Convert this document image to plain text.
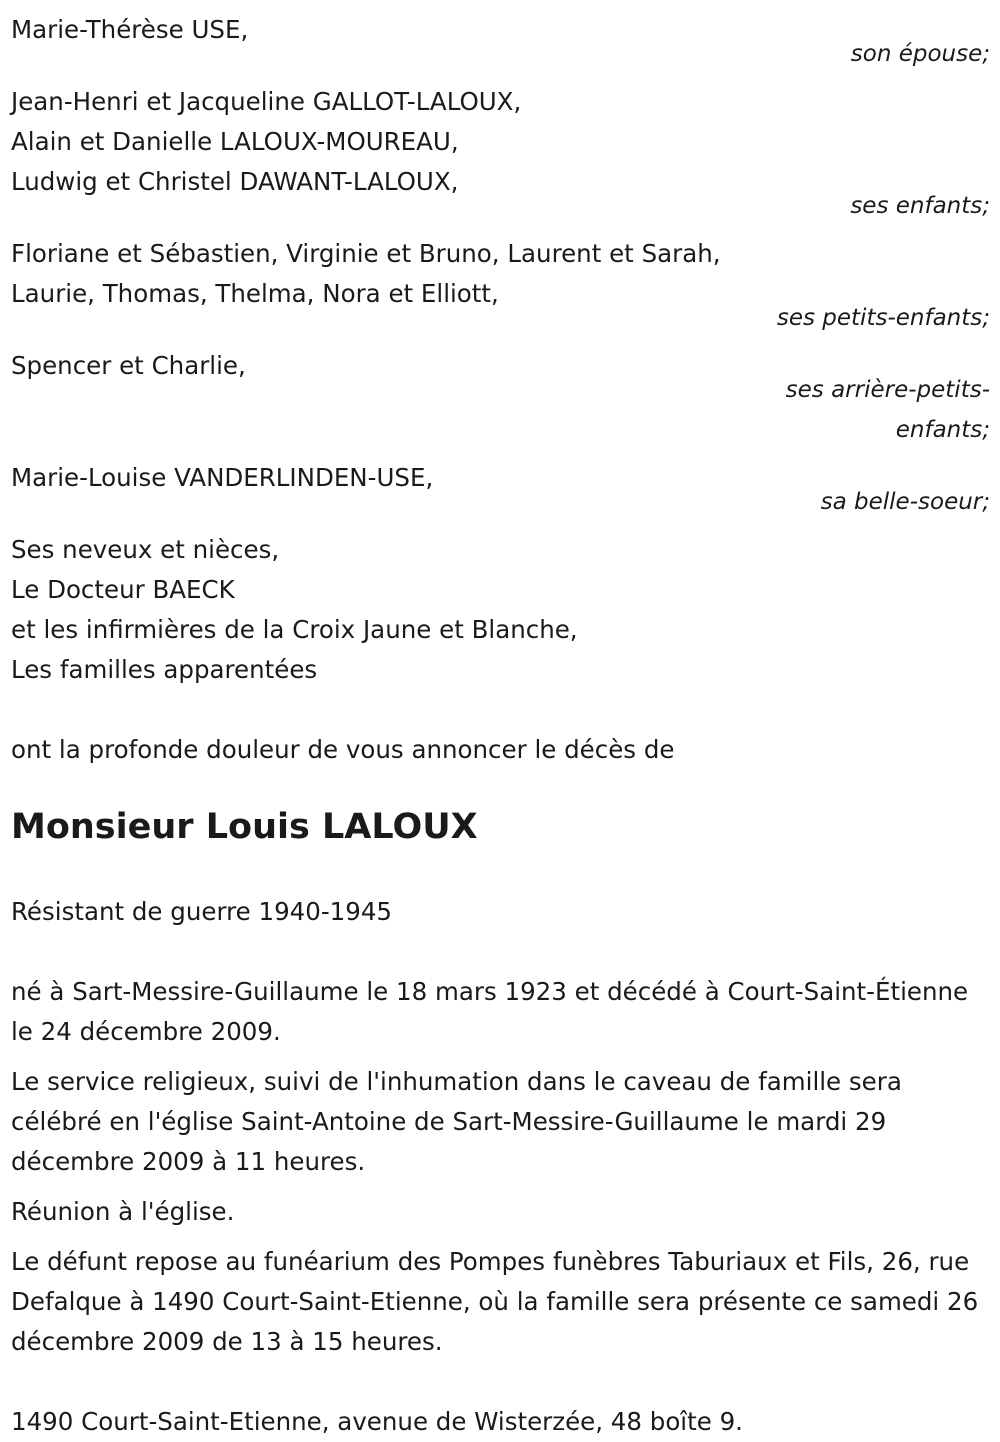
Marie-Thérèse USE,
son épouse;
Jean-Henri et Jacqueline GALLOT-LALOUX,
Alain et Danielle LALOUX-MOUREAU,
Ludwig et Christel DAWANT-LALOUX,
ses enfants;
Floriane et Sébastien, Virginie et Bruno, Laurent et Sarah,
Laurie, Thomas, Thelma, Nora et Elliott,
ses petits-enfants;
Spencer et Charlie,
ses arrière-petits-
enfants;
Marie-Louise VANDERLINDEN-USE,
sa belle-soeur;
Ses neveux et nièces,
Le Docteur BAECK
et les infirmières de la Croix Jaune et Blanche,
Les familles apparentées
ont la profonde douleur de vous annoncer le décès de
Monsieur Louis LALOUX
Résistant de guerre 1940-1945

né à Sart-Messire-Guillaume le 18 mars 1923 et décédé à Court-Saint-Étienne le 24 décembre 2009.

Le service religieux, suivi de l'inhumation dans le caveau de famille sera célébré en l'église Saint-Antoine de Sart-Messire-Guillaume le mardi 29 décembre 2009 à 11 heures.

Réunion à l'église.

Le défunt repose au funéarium des Pompes funèbres Taburiaux et Fils, 26, rue Defalque à 1490 Court-Saint-Etienne, où la famille sera présente ce samedi 26 décembre 2009 de 13 à 15 heures.

1490 Court-Saint-Etienne, avenue de Wisterzée, 48 boîte 9.
